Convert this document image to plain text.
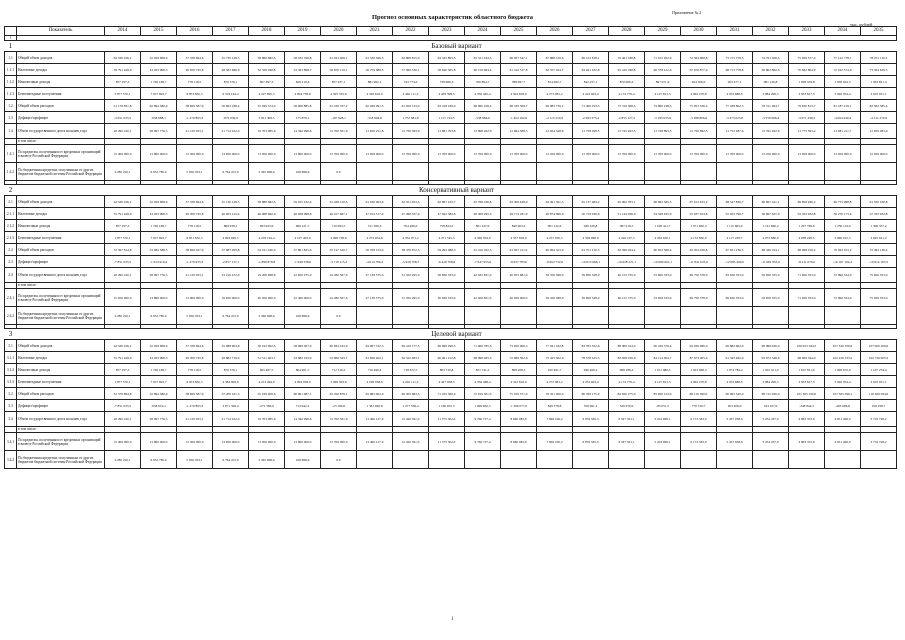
Приложение № 2
Прогноз основных характеристик областного бюджета
тыс. рублей
	Показатель	2014	2015	2016	2017	2018	2019	2020	2021	2022	2023	2024	2025	2026	2027	2028	2029	2030	2031	2032	2033	2034	2035
1																							
1	Базовый вариант																						
1.1	Общий объем доходов	94 528 196,2	52 059 668,9	57 558 694,6	55 730 128,5	58 860 682,5	58 182 766,8	61 041 409,1	61 530 396,3	62 808 815,0	64 535 893,5	65 521 244,5	66 937 347,1	67 868 519,6	69 122 818,1	70 461 180,8	71 615 202,9	72 564 669,8	73 715 779,5	74 761 026,3	75 659 377,4	77 122 778,7	78 251 110,5
1.1.1	Налоговые доходы	38 791 428,9	43 263 906,5	49 650 745,8	48 563 666,0	52 358 290,8	53 303 868,7	56 870 119,1	56 279 086,5	57 069 530,1	58 640 365,8	60 159 664,4	61 410 317,8	62 557 024,7	64 041 162,8	65 416 180,8	66 578 412,6	67 676 877,9	68 713 778,8	69 802 862,3	70 842 804,9	72 162 574,9	73 304 656,5
1.1.2	Неналоговые доходы	857 197,3	1 746 168,7	778 116,5	870 576,1	667 697,3	829 219,6	857 637,1	881 962,1	743 774,0	739 966,3	760 894,7	788 097,7	814 062,7	842 257,1	870 000,4	897 971,6	924 306,0	953 477,1	981 126,8	1 008 359,8	1 038 024,5	1 063 821,4
1.1.3	Безвозмездные поступления	5 877 570,1	7 057 693,7	6 853 832,3	6 319 164,4	4 197 695,3	4 094 738,9	4 595 355,6	4 320 616,0	4 462 111,2	4 459 398,5	4 356 465,4	4 302 818,0	4 273 081,2	4 222 003,4	4 174 779,4	4 127 813,5	4 062 270,8	4 053 688,0	3 984 296,5	3 933 817,3	3 926 054,4	3 910 931,1
1.2	Общий объем расходов	51 179 831,8	62 894 380,0	58 829 587,9	56 602 168,4	55 049 374,0	58 006 885,8	61 239 337,2	62 049 091,5	61 056 133,0	63 418 169,0	66 060 228,4	68 339 509,7	69 983 739,2	71 406 193,5	73 316 308,3	74 800 238,5	75 953 536,4	77 188 802,5	78 311 094,7	79 630 813,7	81 187 219,1	82 562 385,4
1.3	Дефицит/профицит	-3 651 635,5	-658 688,1	-1 270 893,3	-872 039,9	3 811 308,5	175 879,1	-197 928,1	-518 694,6	1 752 681,8	1 117 724,5	-538 984,0	-1 402 162,6	-2 115 219,6	-2 283 375,4	-2 855 127,5	-3 185 035,6	-3 388 866,6	-3 473 023,0	-3 550 068,4	-3 971 436,3	-4 064 440,4	-4 311 274,9
1.4	Объем государственного долга на конец года	26 290 220,1	28 697 776,3	21 150 033,1	21 714 452,0	19 703 085,6	14 340 996,6	13 706 501,6	13 816 251,8	13 756 393,9	13 861 703,8	13 868 202,0	12 694 368,3	12 654 328,6	13 758 028,5	13 745 263,5	13 728 893,5	13 756 892,5	13 752 287,6	13 762 262,6	13 775 593,4	13 681 211,7	12 659 283,6
	в том числе:																						
1.4.1	По кредитам, полученным от кредитных организаций в валюте Российской Федерации	15 400 000,0	13 800 000,0	13 500 000,0	14 950 000,0	13 850 000,0	13 600 000,0	13 700 000,0	13 656 000,0	13 700 000,0	13 700 000,0	13 700 000,0	13 700 000,0	13 456 000,0	13 700 000,0	13 700 000,0	13 700 000,0	13 700 000,0	13 700 000,0	13 250 000,0	13 656 000,0	13 656 000,0	12 656 000,0
1.4.2	По бюджетным кредитам, полученным от других бюджетов бюджетной системы Российской Федерации	4 280 220,1	6 032 780,0	5 650 033,1	6 764 472,0	2 365 698,6	166 698,6	0,0															

2	Консервативный вариант																						
2.1	Общий объем доходов	44 528 196,2	52 059 668,9	57 558 694,6	55 130 128,5	58 880 682,5	59 915 432,4	61 428 210,5	61 930 963,6	62 551 923,5	62 867 163,7	63 768 236,8	63 309 428,0	64 491 591,3	65 137 484,2	65 962 703,1	66 962 565,3	67 613 433,2	68 547 836,7	66 667 241,1	69 856 946,2	60 775 998,8	61 550 160,8
2.1.1	Налоговые доходы	35 791 428,9	43 263 906,5	49 950 745,8	46 955 213,4	46 968 662,0	46 638 998,6	46 017 667,1	47 014 317,4	47 498 337,9	47 942 384,6	48 308 295,5	49 174 181,9	49 874 690,0	50 719 936,6	51 144 936,0	54 328 655,9	55 037 054,8	55 633 796,7	56 697 631,0	55 355 934,8	56 270 173,4	57 335 934,8
2.1.2	Неналоговые доходы	857 197,3	1 746 168,7	778 116,5	869 938,1	693 923,9	669 221,7	710 063,5	721 566,3	704 466,0	758 824,2	801 247,9	840 904,2	901 142,6	940 326,8	987 016,5	1 028 411,7	1 071 662,3	1 115 605,9	1 161 846,2	1 207 796,6	1 256 119,9	1 306 357,2
2.1.3	Безвозмездные поступления	1 877 570,1	7 057 693,7	6 831 832,3	4 994 926,5	4 218 164,4	4 197 463,9	4 099 738,6	4 272 954,6	4 352 071,2	4 271 545,5	4 369 054,9	4 357 659,9	4 257 030,5	4 356 060,9	4 226 197,5	4 262 630,1	4 152 850,0	4 117 238,7	4 072 680,9	4 058 226,5	3 996 912,3	3 945 621,2
2.2	Общий объем расходов	52 397 814,8	53 084 588,3	58 829 627,9	57 987 265,8	54 161 240,9	57 861 823,6	55 147 320,7	56 708 153,0	58 479 672,3	59 292 088,3	61 416 192,3	61 947 211,0	60 094 323,9	61 751 150,3	62 590 924,2	60 652 566,4	63 454 456,8	67 631 236,5	68 349 194,1	68 068 016,2	70 943 103,2	72 464 138,4
2.3	Дефицит/профицит	-7 851 635,5	-1 024 919,4	-1 270 933,3	-2 857 137,1	-1 896 879,8	-1 948 338,6	-3 719 115,2	-4 614 780,2	-5 929 708,7	-6 429 708,6	-7 647 955,6	-8 637 783,0	-9 602 732,6	-10 613 666,1	-10 628 221,1	-10 690 001,1	-11 841 023,6	-12 083 400,0	-11 681 953,0	-8 211 070,0	-10 167 104,4	-10 914 167,6
2.4	Объем государственного долга на конец года	26 290 220,1	28 697 776,3	21 150 033,1	23 210 472,0	19 200 698,6	22 650 075,0	24 280 307,6	27 139 375,0	31 350 295,0	36 836 333,0	42 635 821,0	40 655 681,0	39 556 398,0	39 856 328,0	46 155 735,0	53 606 333,0	69 756 378,0	63 630 353,0	59 656 355,0	71 656 353,0	72 696 334,0	75 656 353,0
	в том числе:																						
2.4.1	По кредитам, полученным от кредитных организаций в валюте Российской Федерации	15 650 000,0	13 890 000,0	13 900 000,0	16 650 000,0	20 050 000,0	22 460 000,0	24 280 307,6	27 139 375,0	31 356 295,0	36 836 333,0	42 656 821,0	46 656 000,0	39 456 398,0	39 856 328,0	46 155 735,0	53 656 333,0	69 756 378,0	69 630 353,0	59 656 355,0	71 656 353,0	72 696 334,0	75 656 353,0
2.4.2	По бюджетным кредитам, полученным от других бюджетов бюджетной системы Российской Федерации	4 280 220,1	6 032 780,0	5 650 033,1	6 764 472,0	2 360 698,6	166 698,6	0,0															

3	Целевой вариант																						
3.1	Общий объем доходов	44 528 196,2	52 059 668,9	57 558 694,6	55 088 904,8	56 192 962,5	58 969 007,0	60 834 243,9	64 067 722,5	69 419 177,5	69 690 296,3	71 606 785,3	73 950 006,3	77 041 182,8	83 782 352,6	88 909 324,0	90 226 376,4	94 036 996,0	99 882 962,0	98 998 936,0	106 653 564,5	107 320 356,6	107 000 209,6
3.1.1	Налоговые доходы	35 791 428,9	43 263 906,5	49 950 745,8	49 883 719,0	51 511 403,7	53 082 193,9	53 969 543,7	61 836 402,1	64 322 483,1	66 491 212,8	68 998 465,5	72 966 592,6	75 425 502,9	78 576 423,3	83 658 256,9	84 114 004,7	87 673 005,4	91 343 462,9	93 973 548,6	98 829 344,0	102 226 533,2	102 726 005,2
3.1.2	Неналоговые доходы	857 197,3	1 746 168,7	778 116,5	870 576,1	665 467,5	804 961,7	712 516,2	716 496,4	718 672,5	803 710,8	821 741,2	868 208,5	910 461,7	946 466,2	968 186,4	1 011 986,3	1 023 668,3	1 074 784,4	1 091 611,0	1 047 811,9	1 096 072,0	1 167 254,4
3.1.3	Безвозмездные поступления	1 877 570,1	7 057 693,7	6 953 832,3	4 384 909,6	4 213 494,9	4 094 938,9	3 969 393,6	4 198 038,6	4 202 111,2	4 427 958,5	4 356 468,4	4 322 816,0	4 272 081,2	4 232 003,4	4 174 779,4	4 127 813,5	4 062 270,8	4 053 688,0	3 984 296,5	3 933 817,3	3 926 054,4	3 910 931,1
3.2	Общий объем расходов	52 379 894,8	52 894 380,0	58 829 587,9	57 200 161,3	55 199 409,6	60 991 087,1	63 256 878,1	65 865 002,0	66 205 663,3	71 035 360,0	72 919 501,0	75 919 371,0	76 351 000,0	80 760 175,0	84 650 275,0	85 950 154,0	86 119 390,0	90 063 520,0	98 715 026,0	101 305 250,0	107 565 396,1	116 369 584,6
3.3	Дефицит/профицит	-7 851 635,5	-658 619,1	-1 270 893,3	3 071 399,4	-271 580,9	714 642,2	-23 184,8	1 381 946,8	1 277 358,4	1 166 055,3	1 699 662,5	-1 366 077,0	849 578,8	556 961,2	526 976,0	-83 051,5	776 729,7	203 406,0	163 107,0	-248 844,3	-403 699,8	256 198,7
3.4	Объем государственного долга на конец года	26 290 220,1	28 697 776,3	21 150 033,1	21 714 452,0	19 703 085,6	14 340 996,6	13 700 501,6	13 466 127,0	12 426 591,0	11 375 302,0	9 766 727,4	8 660 083,0	7 826 196,2	6 976 565,3	6 547 591,1	5 224 999,1	6 172 563,0	5 457 938,6	5 252 437,0	4 863 353,0	4 651 406,0	3 716 748,2
	в том числе:																						
3.4.1	По кредитам, полученным от кредитных организаций в валюте Российской Федерации	15 400 000,0	13 800 000,0	13 500 000,0	14 950 000,0	13 850 000,0	13 600 000,0	13 700 000,0	13 466 127,0	12 426 591,0	11 375 302,0	9 766 727,4	8 660 083,0	7 826 196,2	6 976 565,3	6 547 591,1	5 224 999,1	6 172 563,0	5 457 938,6	5 252 437,0	4 863 353,0	4 651 406,0	3 716 748,2
3.4.2	По бюджетным кредитам, полученным от других бюджетов бюджетной системы Российской Федерации	4 280 220,1	6 032 780,0	5 650 033,1	6 764 472,0	2 365 698,6	166 698,6	0,0															
1
